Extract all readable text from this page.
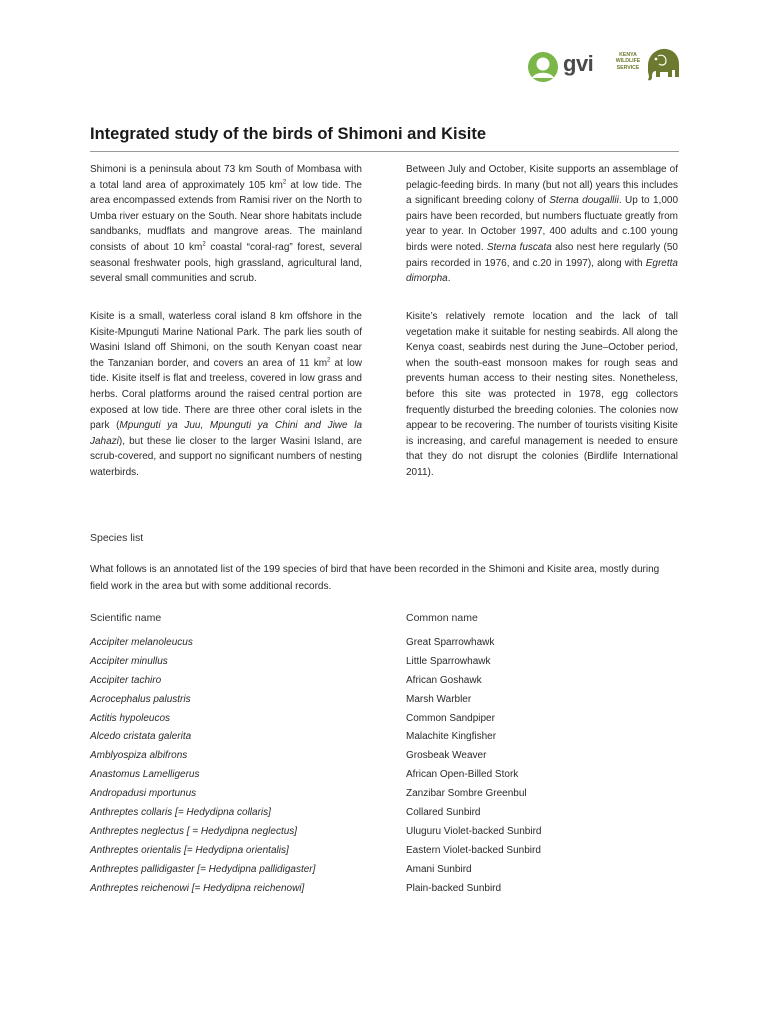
gvi	KENYA
WILDLIFE
SERVICE
Integrated study of the birds of Shimoni and Kisite

Shimoni is a peninsula about 73 km South of Mombasa with a total land area of approximately 105 $km^2$ at low tide. The area encompassed extends from Ramisi river on the North to Umba river estuary on the South. Near shore habitats include sandbanks, mudflats and mangrove areas. The mainland consists of about 10 $km^2$ coastal “coral-rag” forest, several seasonal freshwater pools, high grassland, agricultural land, several small communities and scrub.

Kisite is a small, waterless coral island 8 km offshore in the Kisite-Mpunguti Marine National Park. The park lies south of Wasini Island off Shimoni, on the south Kenyan coast near the Tanzanian border, and covers an area of 11 $km^2$ at low tide. Kisite itself is flat and treeless, covered in low grass and herbs. Coral platforms around the raised central portion are exposed at low tide. There are three other coral islets in the park (Mpunguti ya Juu, Mpunguti ya Chini and Jiwe la Jahazi), but these lie closer to the larger Wasini Island, are scrub-covered, and support no significant numbers of nesting waterbirds.

Between July and October, Kisite supports an assemblage of pelagic-feeding birds. In many (but not all) years this includes a significant breeding colony of Sterna dougallii. Up to 1,000 pairs have been recorded, but numbers fluctuate greatly from year to year. In October 1997, 400 adults and c.100 young birds were noted. Sterna fuscata also nest here regularly (50 pairs recorded in 1976, and c.20 in 1997), along with Egretta dimorpha.

Kisite’s relatively remote location and the lack of tall vegetation make it suitable for nesting seabirds. All along the Kenya coast, seabirds nest during the June–October period, when the south-east monsoon makes for rough seas and prevents human access to their nesting sites. Nonetheless, before this site was protected in 1978, egg collectors frequently disturbed the breeding colonies. The colonies now appear to be recovering. The number of tourists visiting Kisite is increasing, and careful management is needed to ensure that they do not disrupt the colonies (Birdlife International 2011).

Species list

What follows is an annotated list of the 199 species of bird that have been recorded in the Shimoni and Kisite area, mostly during field work in the area but with some additional records.

Scientific name	Common name
Accipiter melanoleucus	Great Sparrowhawk
Accipiter minullus	Little Sparrowhawk
Accipiter tachiro	African Goshawk
Acrocephalus palustris	Marsh Warbler
Actitis hypoleucos	Common Sandpiper
Alcedo cristata galerita	Malachite Kingfisher
Amblyospiza albifrons	Grosbeak Weaver
Anastomus Lamelligerus	African Open-Billed Stork
Andropadusi mportunus	Zanzibar Sombre Greenbul
Anthreptes collaris [= Hedydipna collaris]	Collared Sunbird
Anthreptes neglectus [ = Hedydipna neglectus]	Uluguru Violet-backed Sunbird
Anthreptes orientalis [= Hedydipna orientalis]	Eastern Violet-backed Sunbird
Anthreptes pallidigaster [= Hedydipna pallidigaster]	Amani Sunbird
Anthreptes reichenowi [= Hedydipna reichenowi]	Plain-backed Sunbird
